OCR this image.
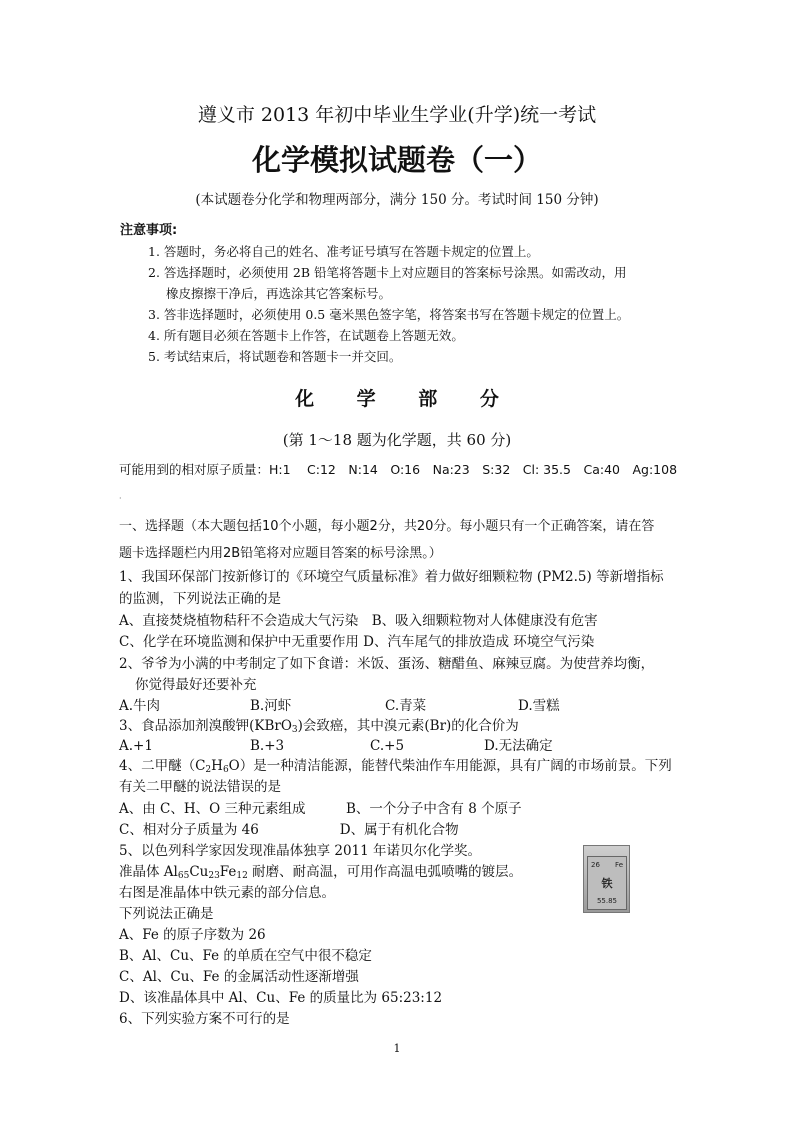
遵义市 2013 年初中毕业生学业(升学)统一考试
化学模拟试题卷（一）
(本试题卷分化学和物理两部分，满分 150 分。考试时间 150 分钟)
注意事项:
1. 答题时，务必将自己的姓名、准考证号填写在答题卡规定的位置上。
2. 答选择题时，必须使用 2B 铅笔将答题卡上对应题目的答案标号涂黑。如需改动，用
橡皮擦擦干净后，再选涂其它答案标号。
3. 答非选择题时，必须使用 0.5 毫米黑色签字笔，将答案书写在答题卡规定的位置上。
4. 所有题目必须在答题卡上作答，在试题卷上答题无效。
5. 考试结束后，将试题卷和答题卡一并交回。
化 学 部 分
(第 1～18 题为化学题，共 60 分)
可能用到的相对原子质量：H:1　 C:12　N:14　O:16　Na:23　S:32　Cl: 35.5　Ca:40　Ag:108
·
一、选择题（本大题包括10个小题，每小题2分，共20分。每小题只有一个正确答案，请在答
题卡选择题栏内用2B铅笔将对应题目答案的标号涂黑。）
1、我国环保部门按新修订的《环境空气质量标准》着力做好细颗粒物 (PM2.5) 等新增指标
的监测，下列说法正确的是
A、直接焚烧植物秸秆不会造成大气污染　B、吸入细颗粒物对人体健康没有危害
C、化学在环境监测和保护中无重要作用 D、汽车尾气的排放造成 环境空气污染
2、爷爷为小满的中考制定了如下食谱：米饭、蛋汤、糖醋鱼、麻辣豆腐。为使营养均衡，
你觉得最好还要补充
A.牛肉	B.河虾	C.青菜	D.雪糕
3、食品添加剂溴酸钾(KBrO$_3$)会致癌，其中溴元素(Br)的化合价为
A.+1	B.+3	C.+5	D.无法确定
4、二甲醚$(C_2H_6O)$是一种清洁能源，能替代柴油作车用能源，具有广阔的市场前景。下列
有关二甲醚的说法错误的是
A、由 C、H、O 三种元素组成　　　B、一个分子中含有 8 个原子
C、相对分子质量为 46　　　　　　D、属于有机化合物
5、以色列科学家因发现准晶体独享 2011 年诺贝尔化学奖。
准晶体 $Al_{65}Cu_{23}Fe_{12}$ 耐磨、耐高温，可用作高温电弧喷嘴的镀层。
右图是准晶体中铁元素的部分信息。
下列说法正确是
26 Fe
铁
55.85
A、Fe 的原子序数为 26
B、Al、Cu、Fe 的单质在空气中很不稳定
C、Al、Cu、Fe 的金属活动性逐渐增强
D、该准晶体具中 Al、Cu、Fe 的质量比为 65:23:12
6、下列实验方案不可行的是
1
